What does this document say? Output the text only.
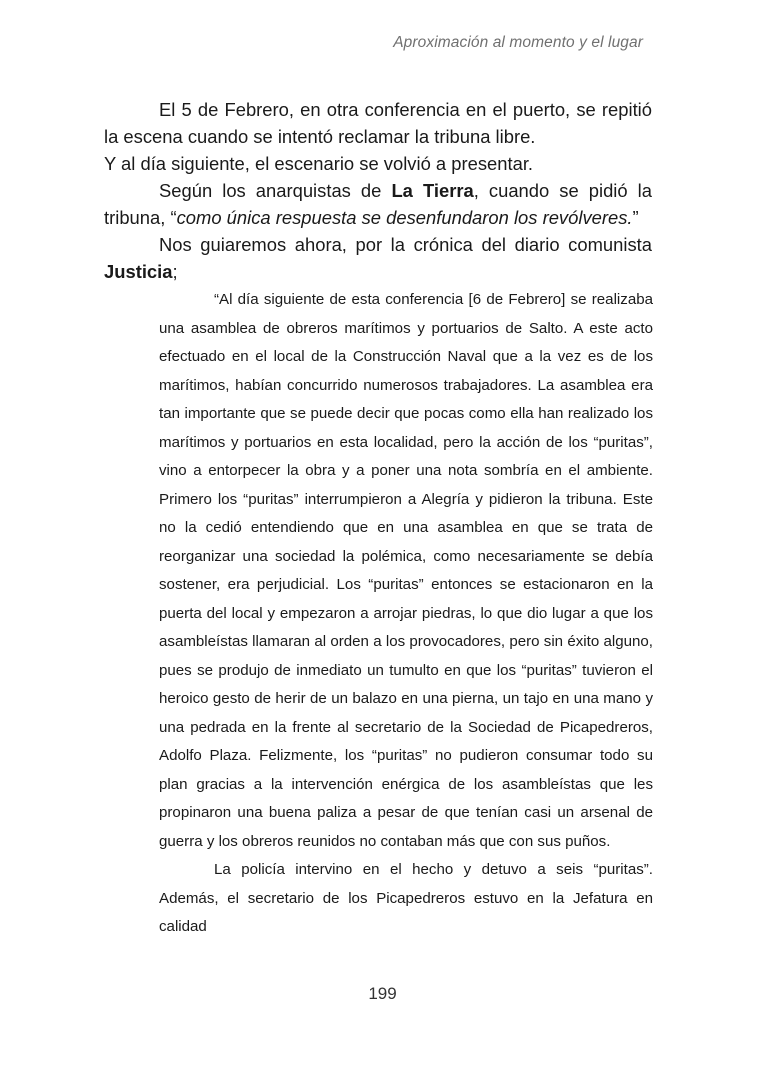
Aproximación al momento y el lugar

El 5 de Febrero, en otra conferencia en el puerto, se repitió la escena cuando se intentó reclamar la tribuna libre.

Y al día siguiente, el escenario se volvió a presentar.

Según los anarquistas de La Tierra, cuando se pidió la tribuna, “como única respuesta se desenfundaron los revólveres.”

Nos guiaremos ahora, por la crónica del diario comunista Justicia;

“Al día siguiente de esta conferencia [6 de Febrero] se realizaba una asamblea de obreros marítimos y portuarios de Salto. A este acto efectuado en el local de la Construcción Naval que a la vez es de los marítimos, habían concurrido numerosos trabajadores. La asamblea era tan importante que se puede decir que pocas como ella han realizado los marítimos y portuarios en esta localidad, pero la acción de los “puritas”, vino a entorpecer la obra y a poner una nota sombría en el ambiente. Primero los “puritas” interrumpieron a Alegría y pidieron la tribuna. Este no la cedió entendiendo que en una asamblea en que se trata de reorganizar una sociedad la polémica, como necesariamente se debía sostener, era perjudicial. Los “puritas” entonces se estacionaron en la puerta del local y empezaron a arrojar piedras, lo que dio lugar a que los asambleístas llamaran al orden a los provocadores, pero sin éxito alguno, pues se produjo de inmediato un tumulto en que los “puritas” tuvieron el heroico gesto de herir de un balazo en una pierna, un tajo en una mano y una pedrada en la frente al secretario de la Sociedad de Picapedreros, Adolfo Plaza. Felizmente, los “puritas” no pudieron consumar todo su plan gracias a la intervención enérgica de los asambleístas que les propinaron una buena paliza a pesar de que tenían casi un arsenal de guerra y los obreros reunidos no contaban más que con sus puños.

La policía intervino en el hecho y detuvo a seis “puritas”. Además, el secretario de los Picapedreros estuvo en la Jefatura en calidad

199
